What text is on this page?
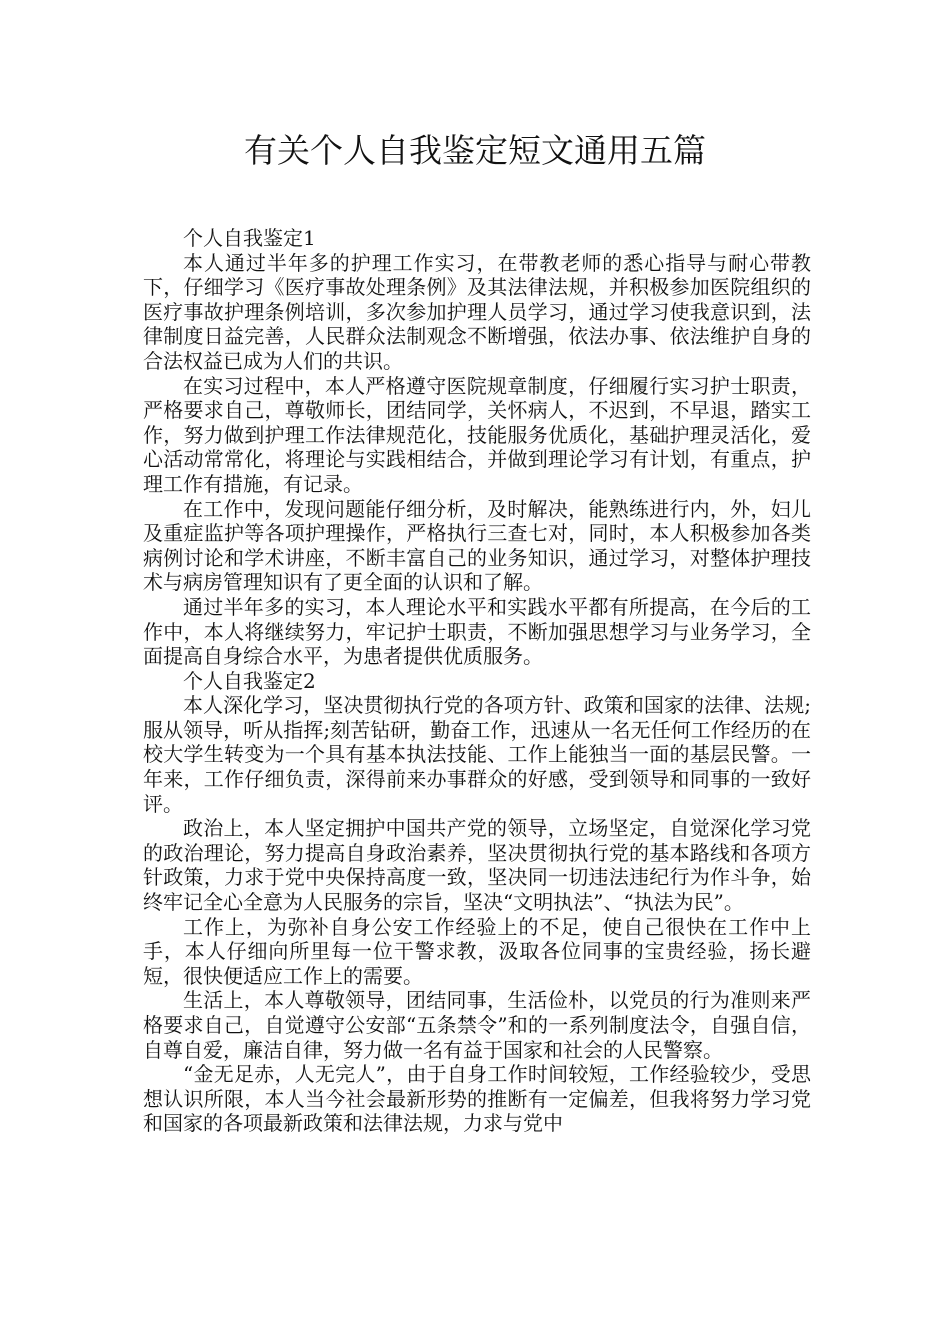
有关个人自我鉴定短文通用五篇

个人自我鉴定1

本人通过半年多的护理工作实习，在带教老师的悉心指导与耐心带教下，仔细学习《医疗事故处理条例》及其法律法规，并积极参加医院组织的医疗事故护理条例培训，多次参加护理人员学习，通过学习使我意识到，法律制度日益完善，人民群众法制观念不断增强，依法办事、依法维护自身的合法权益已成为人们的共识。

在实习过程中，本人严格遵守医院规章制度，仔细履行实习护士职责，严格要求自己，尊敬师长，团结同学，关怀病人，不迟到，不早退，踏实工作，努力做到护理工作法律规范化，技能服务优质化，基础护理灵活化，爱心活动常常化，将理论与实践相结合，并做到理论学习有计划，有重点，护理工作有措施，有记录。

在工作中，发现问题能仔细分析，及时解决，能熟练进行内，外，妇儿及重症监护等各项护理操作，严格执行三查七对，同时，本人积极参加各类病例讨论和学术讲座，不断丰富自己的业务知识，通过学习，对整体护理技术与病房管理知识有了更全面的认识和了解。

通过半年多的实习，本人理论水平和实践水平都有所提高，在今后的工作中，本人将继续努力，牢记护士职责，不断加强思想学习与业务学习，全面提高自身综合水平，为患者提供优质服务。

个人自我鉴定2

本人深化学习，坚决贯彻执行党的各项方针、政策和国家的法律、法规;服从领导，听从指挥;刻苦钻研，勤奋工作，迅速从一名无任何工作经历的在校大学生转变为一个具有基本执法技能、工作上能独当一面的基层民警。一年来，工作仔细负责，深得前来办事群众的好感，受到领导和同事的一致好评。

政治上，本人坚定拥护中国共产党的领导，立场坚定，自觉深化学习党的政治理论，努力提高自身政治素养，坚决贯彻执行党的基本路线和各项方针政策，力求于党中央保持高度一致，坚决同一切违法违纪行为作斗争，始终牢记全心全意为人民服务的宗旨，坚决“文明执法”、“执法为民”。

工作上，为弥补自身公安工作经验上的不足，使自己很快在工作中上手，本人仔细向所里每一位干警求教，汲取各位同事的宝贵经验，扬长避短，很快便适应工作上的需要。

生活上，本人尊敬领导，团结同事，生活俭朴，以党员的行为准则来严格要求自己，自觉遵守公安部“五条禁令”和的一系列制度法令，自强自信，自尊自爱，廉洁自律，努力做一名有益于国家和社会的人民警察。

“金无足赤，人无完人”，由于自身工作时间较短，工作经验较少，受思想认识所限，本人当今社会最新形势的推断有一定偏差，但我将努力学习党和国家的各项最新政策和法律法规，力求与党中
